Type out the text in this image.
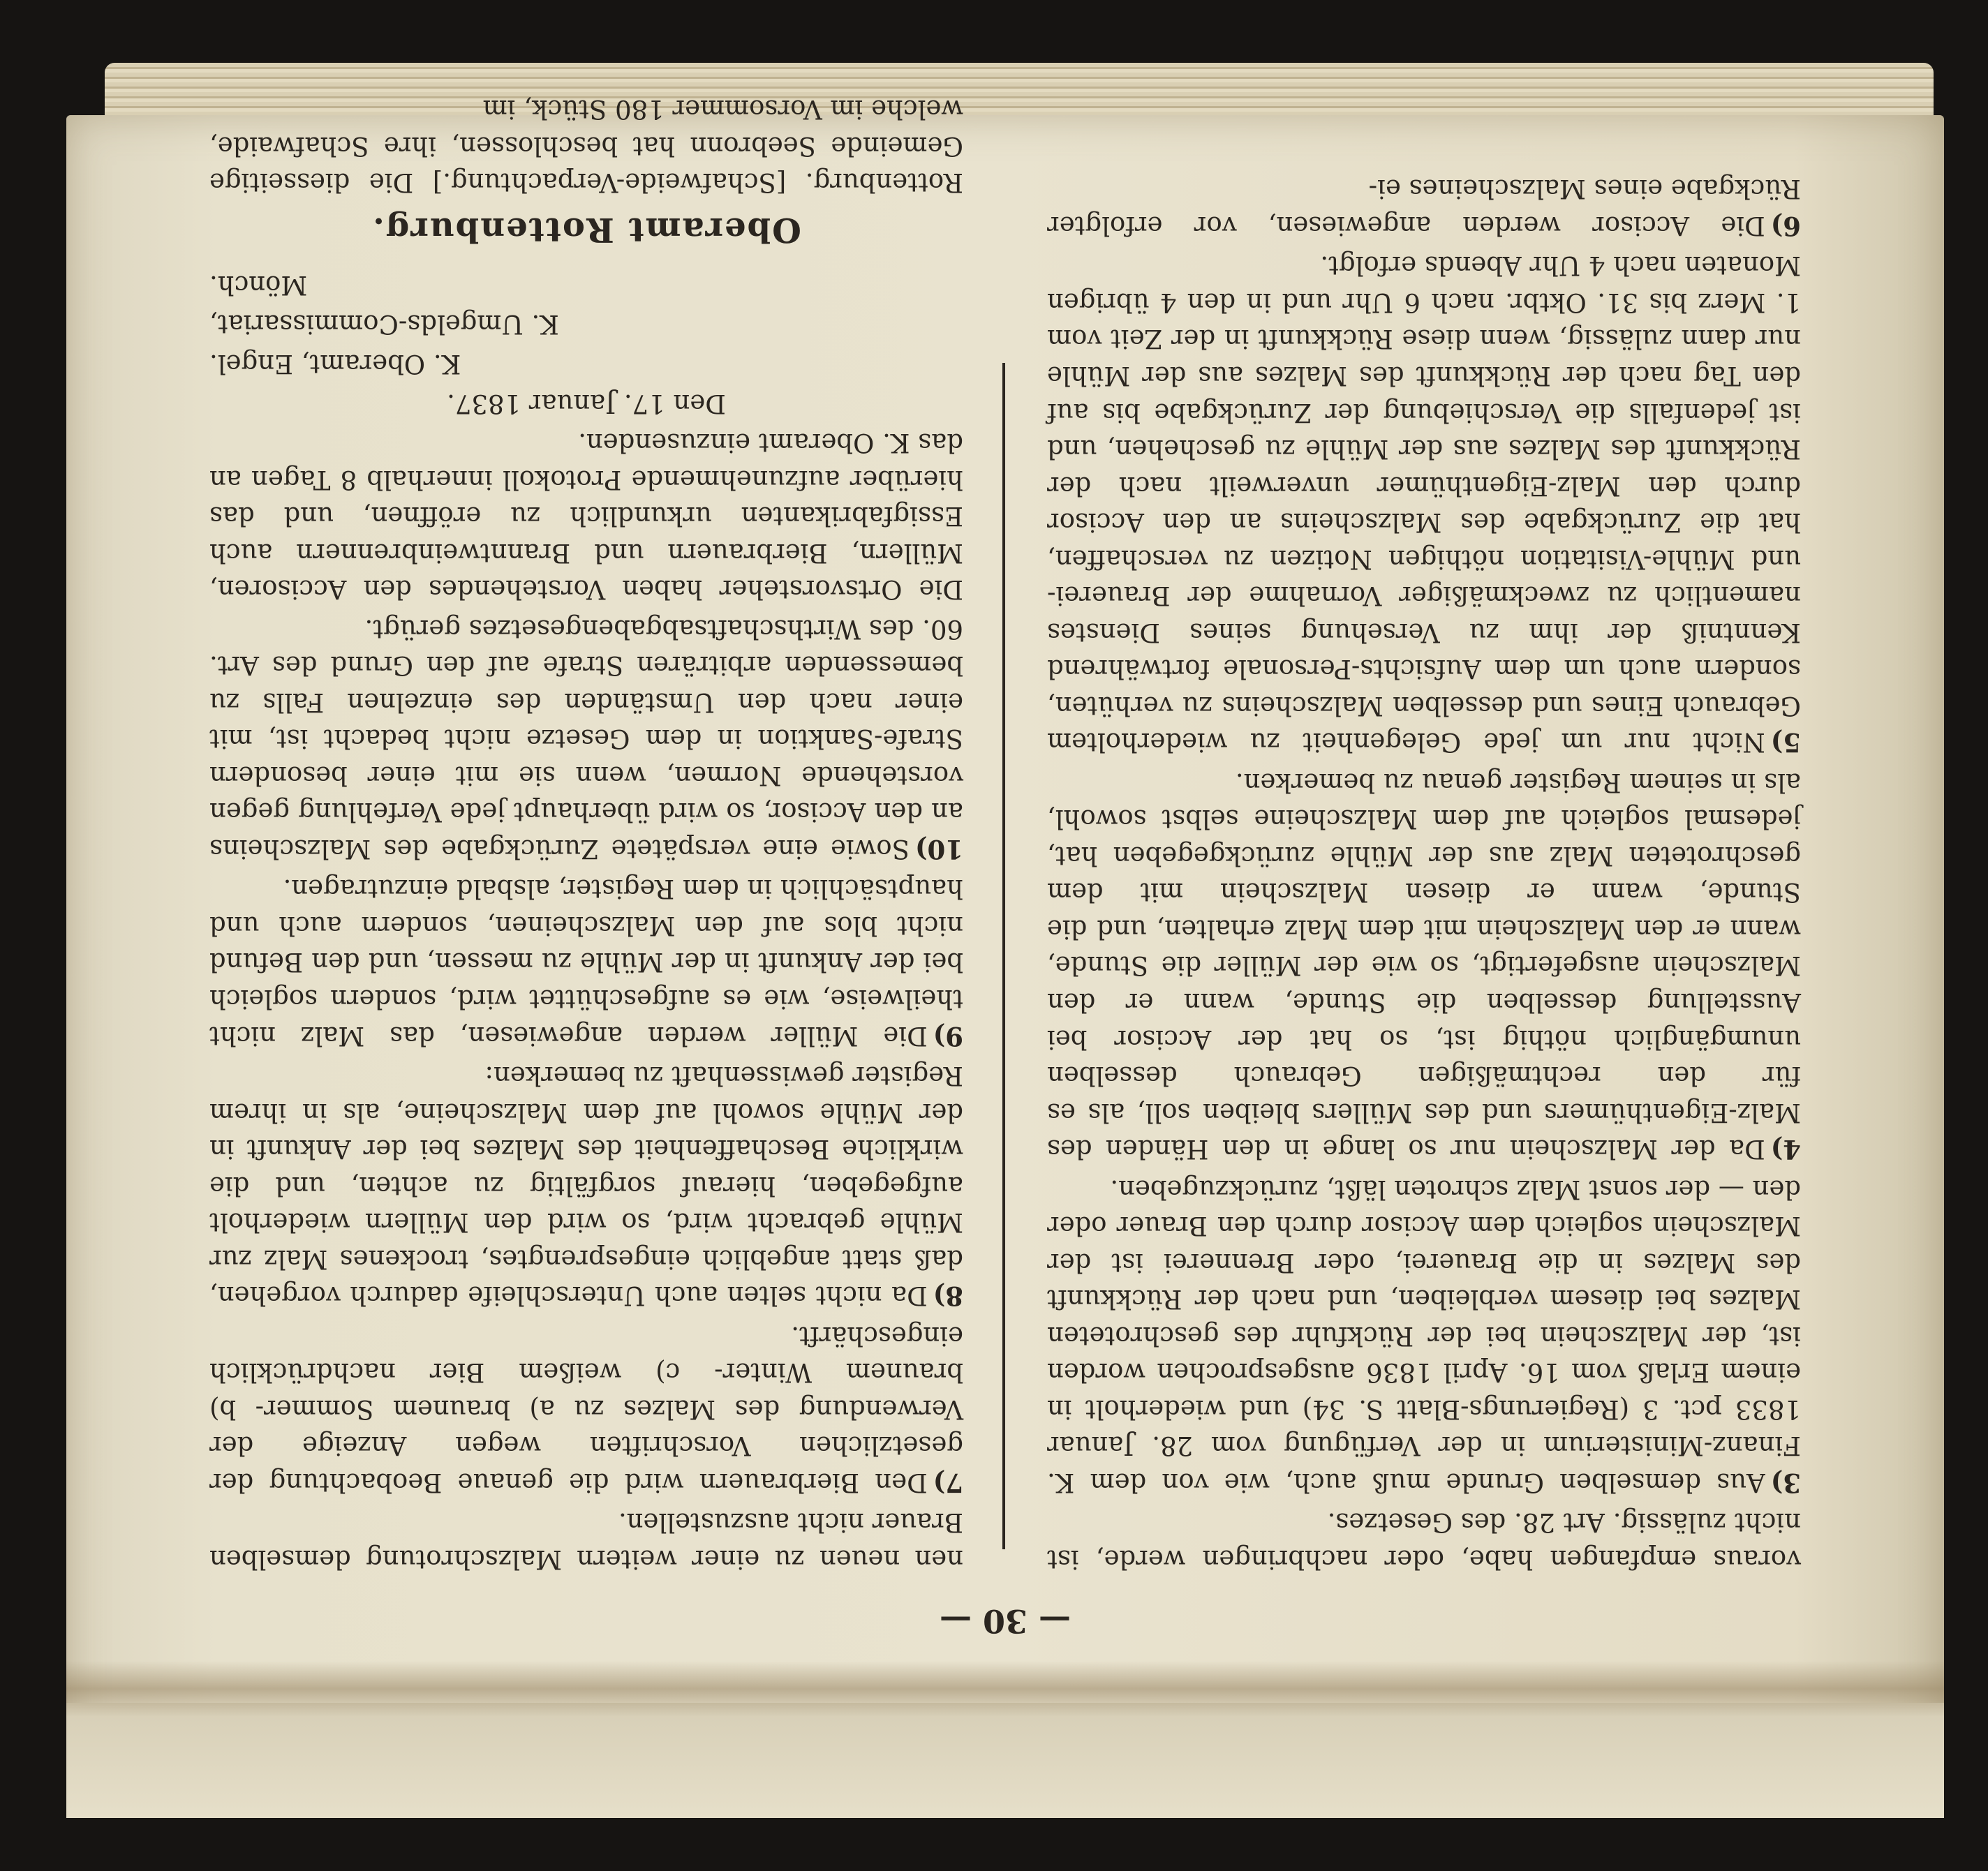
— 30 —

voraus empfangen habe, oder nachbringen werde, ist nicht zulässig. Art 28. des Gesetzes.

3)Aus demselben Grunde muß auch, wie von dem K. Finanz-Ministerium in der Verfügung vom 28. Januar 1833 pct. 3 (Regierungs-Blatt S. 34) und wiederholt in einem Erlaß vom 16. April 1836 ausgesprochen worden ist, der Malzschein bei der Rückfuhr des geschroteten Malzes bei diesem verbleiben, und nach der Rückkunft des Malzes in die Brauerei, oder Brennerei ist der Malzschein sogleich dem Accisor durch den Brauer oder den — der sonst Malz schroten läßt, zurückzugeben.

4)Da der Malzschein nur so lange in den Händen des Malz-Eigenthümers und des Müllers bleiben soll, als es für den rechtmäßigen Gebrauch desselben unumgänglich nöthig ist, so hat der Accisor bei Ausstellung desselben die Stunde, wann er den Malzschein ausgefertigt, so wie der Müller die Stunde, wann er den Malzschein mit dem Malz erhalten, und die Stunde, wann er diesen Malzschein mit dem geschroteten Malz aus der Mühle zurückgegeben hat, jedesmal sogleich auf dem Malzscheine selbst sowohl, als in seinem Register genau zu bemerken.

5)Nicht nur um jede Gelegenheit zu wiederholtem Gebrauch Eines und desselben Malzscheins zu verhüten, sondern auch um dem Aufsichts-Personale fortwährend Kenntniß der ihm zu Versehung seines Dienstes namentlich zu zweckmäßiger Vornahme der Brauerei- und Mühle-Visitation nöthigen Notizen zu verschaffen, hat die Zurückgabe des Malzscheins an den Accisor durch den Malz-Eigenthümer unverweilt nach der Rückkunft des Malzes aus der Mühle zu geschehen, und ist jedenfalls die Verschiebung der Zurückgabe bis auf den Tag nach der Rückkunft des Malzes aus der Mühle nur dann zulässig, wenn diese Rückkunft in der Zeit vom 1. Merz bis 31. Oktbr. nach 6 Uhr und in den 4 übrigen Monaten nach 4 Uhr Abends erfolgt.

6)Die Accisor werden angewiesen, vor erfolgter Rückgabe eines Malzscheines ei-

nen neuen zu einer weitern Malzschrotung demselben Brauer nicht auszustellen.

7)Den Bierbrauern wird die genaue Beobachtung der gesetzlichen Vorschriften wegen Anzeige der Verwendung des Malzes zu a) braunem Sommer- b) braunem Winter- c) weißem Bier nachdrücklich eingeschärft.

8)Da nicht selten auch Unterschleife dadurch vorgehen, daß statt angeblich eingesprengtes, trockenes Malz zur Mühle gebracht wird, so wird den Müllern wiederholt aufgegeben, hierauf sorgfältig zu achten, und die wirkliche Beschaffenheit des Malzes bei der Ankunft in der Mühle sowohl auf dem Malzscheine, als in ihrem Register gewissenhaft zu bemerken:

9)Die Müller werden angewiesen, das Malz nicht theilweise, wie es aufgeschüttet wird, sondern sogleich bei der Ankunft in der Mühle zu messen, und den Befund nicht blos auf den Malzscheinen, sondern auch und hauptsächlich in dem Register, alsbald einzutragen.

10)Sowie eine verspätete Zurückgabe des Malzscheins an den Accisor, so wird überhaupt jede Verfehlung gegen vorstehende Normen, wenn sie mit einer besondern Strafe-Sanktion in dem Gesetze nicht bedacht ist, mit einer nach den Umständen des einzelnen Falls zu bemessenden arbiträren Strafe auf den Grund des Art. 60. des Wirthschaftsabgabengesetzes gerügt.

Die Ortsvorsteher haben Vorstehendes den Accisoren, Müllern, Bierbrauern und Branntweinbrennern auch Essigfabrikanten urkundlich zu eröffnen, und das hierüber aufzunehmende Protokoll innerhalb 8 Tagen an das K. Oberamt einzusenden.

Den 17. Januar 1837.

K. Oberamt, Engel.

K. Umgelds-Commissariat,

Mönch.

Oberamt Rottenburg.

Rottenburg. [Schafweide-Verpachtung.] Die diesseitige Gemeinde Seebronn hat beschlossen, ihre Schafwaide, welche im Vorsommer 180 Stück, im
